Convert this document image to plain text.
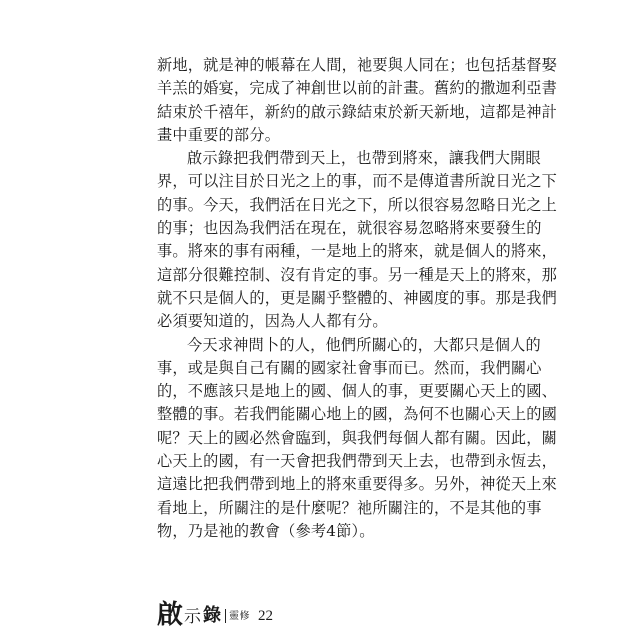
新地，就是神的帳幕在人間，祂要與人同在；也包括基督娶
羊羔的婚宴，完成了神創世以前的計畫。舊約的撒迦利亞書
結束於千禧年，新約的啟示錄結束於新天新地，這都是神計
畫中重要的部分。
啟示錄把我們帶到天上，也帶到將來，讓我們大開眼
界，可以注目於日光之上的事，而不是傳道書所說日光之下
的事。今天，我們活在日光之下，所以很容易忽略日光之上
的事；也因為我們活在現在，就很容易忽略將來要發生的
事。將來的事有兩種，一是地上的將來，就是個人的將來，
這部分很難控制、沒有肯定的事。另一種是天上的將來，那
就不只是個人的，更是關乎整體的、神國度的事。那是我們
必須要知道的，因為人人都有分。
今天求神問卜的人，他們所關心的，大都只是個人的
事，或是與自己有關的國家社會事而已。然而，我們關心
的，不應該只是地上的國、個人的事，更要關心天上的國、
整體的事。若我們能關心地上的國，為何不也關心天上的國
呢？天上的國必然會臨到，與我們每個人都有關。因此，關
心天上的國，有一天會把我們帶到天上去，也帶到永恆去，
這遠比把我們帶到地上的將來重要得多。另外，神從天上來
看地上，所關注的是什麼呢？祂所關注的，不是其他的事
物，乃是祂的教會（參考4節）。
啟 示 錄 靈修 22
